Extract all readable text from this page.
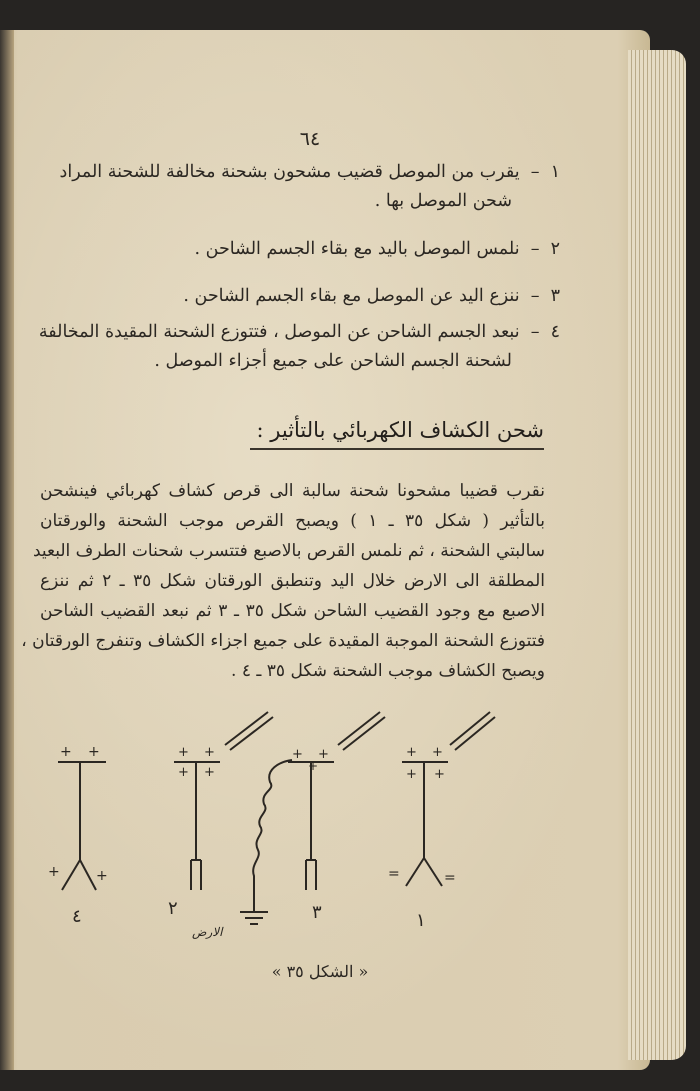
٦٤
١  –  يقرب من الموصل قضيب مشحون بشحنة مخالفة للشحنة المراد
شحن الموصل بها .
٢  –  نلمس الموصل باليد مع بقاء الجسم الشاحن .
٣  –  ننزع اليد عن الموصل مع بقاء الجسم الشاحن .
٤  –  نبعد الجسم الشاحن عن الموصل ، فتتوزع الشحنة المقيدة المخالفة
لشحنة الجسم الشاحن على جميع أجزاء الموصل .
شحن الكشاف الكهربائي بالتأثير :
نقرب قضيبا مشحونا شحنة سالبة الى قرص كشاف كهربائي فينشحن
بالتأثير ( شكل ٣٥ ـ ١ ) ويصبح القرص موجب الشحنة والورقتان
سالبتي الشحنة ، ثم نلمس القرص بالاصبع فتتسرب شحنات الطرف البعيد
المطلقة الى الارض خلال اليد وتنطبق الورقتان شكل ٣٥ ـ ٢ ثم ننزع
الاصبع مع وجود القضيب الشاحن شكل ٣٥ ـ ٣ ثم نبعد القضيب الشاحن
فتتوزع الشحنة الموجبة المقيدة على جميع اجزاء الكشاف وتنفرج الورقتان ،
ويصبح الكشاف موجب الشحنة شكل ٣٥ ـ ٤ .
+ +
+	+
٤
+ +
+ +
٢
+ +
+
الارض
٣
+ +
+ +
=	=
١
« الشكل ٣٥ »
